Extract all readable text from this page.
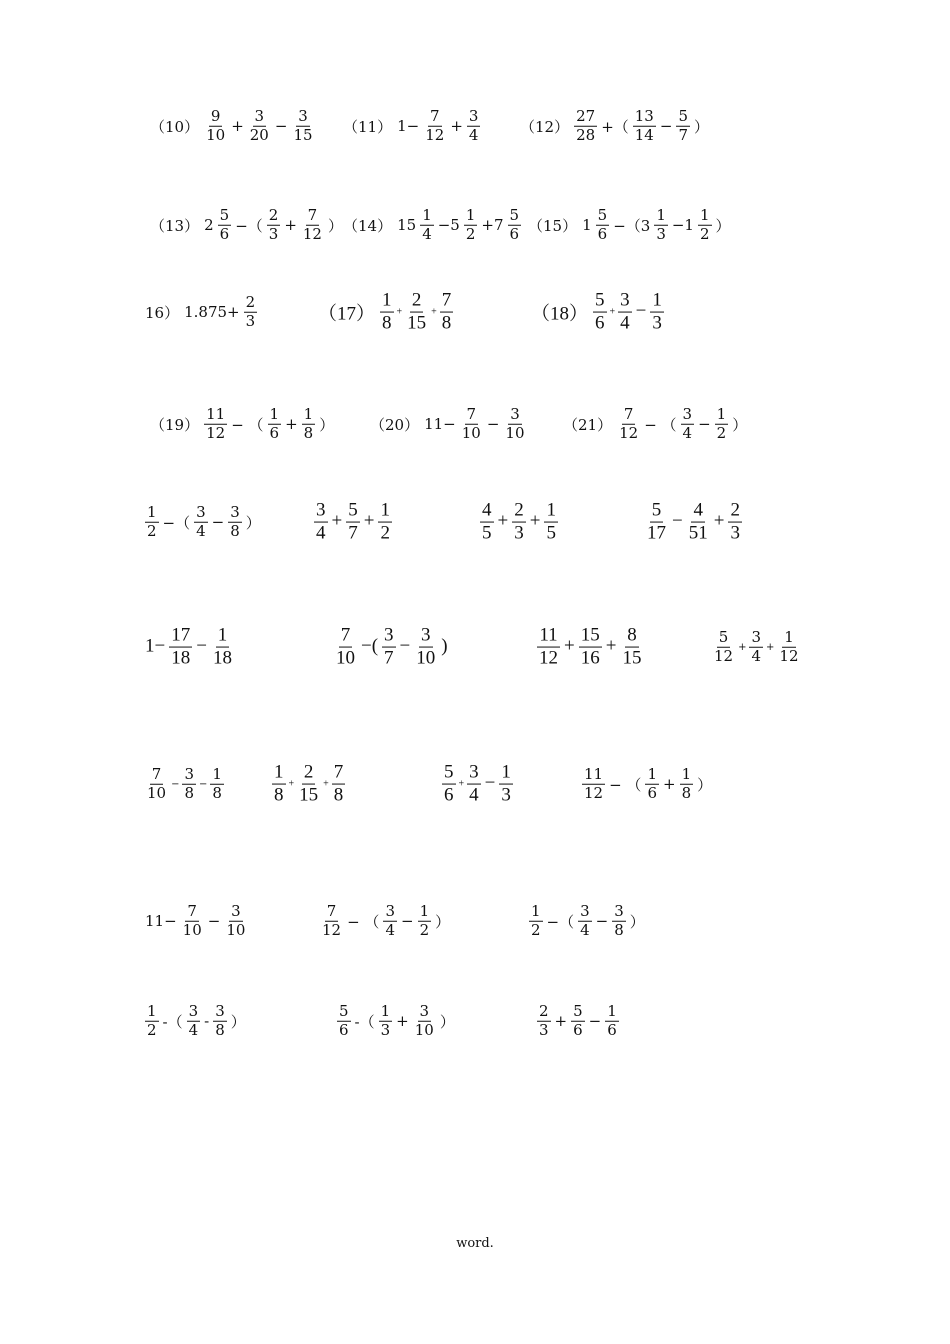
$(10) \frac{9}{10} + \frac{3}{20} - \frac{3}{15} (11)$ $1- \frac{7}{12} + \frac{3}{4}$	$(12) \frac{27}{28}$ +（ $\frac{13}{14} - \frac{5}{7}$ ）
（13） $2 \frac{5}{6}$ −（ $\frac{2}{3} + \frac{7}{12}$ ） （14） $15 \frac{1}{4} -5 \frac{1}{2} +7 \frac{5}{6} (15)$ $1 \frac{5}{6} -(3 \frac{1}{3} -1 \frac{1}{2}$ ）
16） $1.875+ \frac{2}{3}$	$(17) \frac{1}{8} + \frac{2}{15} + \frac{7}{8}$	$(18) \frac{5}{6} + \frac{3}{4} - \frac{1}{3}$
$(19) \frac{11}{12}$ − （ $\frac{1}{6} + \frac{1}{8}$ ） （20） $11- \frac{7}{10} - \frac{3}{10} (21) \frac{7}{12}$ − （ $\frac{3}{4} - \frac{1}{2}$ ）
$\frac{1}{2}$ −（ $\frac{3}{4} - \frac{3}{8}$ ）	$\frac{3}{4} + \frac{5}{7} + \frac{1}{2}$	$\frac{4}{5} + \frac{2}{3} + \frac{1}{5}$	$\frac{5}{17} - \frac{4}{51} + \frac{2}{3}$
$1- \frac{17}{18} - \frac{1}{18}$	$\frac{7}{10}$ −( $\frac{3}{7} - \frac{3}{10}$ )	$\frac{11}{12} + \frac{15}{16} + \frac{8}{15}$	$\frac{5}{12} + \frac{3}{4} + \frac{1}{12}$
$\frac{7}{10} - \frac{3}{8} - \frac{1}{8}$	$\frac{1}{8} + \frac{2}{15} + \frac{7}{8}$	$\frac{5}{6} + \frac{3}{4} - \frac{1}{3}$	$\frac{11}{12}$ − （ $\frac{1}{6} + \frac{1}{8}$ ）
$11- \frac{7}{10} - \frac{3}{10}$	$\frac{7}{12}$ − （ $\frac{3}{4} - \frac{1}{2}$ ）	$\frac{1}{2}$ −（ $\frac{3}{4} - \frac{3}{8}$ ）
$\frac{1}{2}$ -（ $\frac{3}{4} - \frac{3}{8}$ ）	$\frac{5}{6}$ -（ $\frac{1}{3} + \frac{3}{10}$ ）	$\frac{2}{3} + \frac{5}{6} - \frac{1}{6}$
word.
